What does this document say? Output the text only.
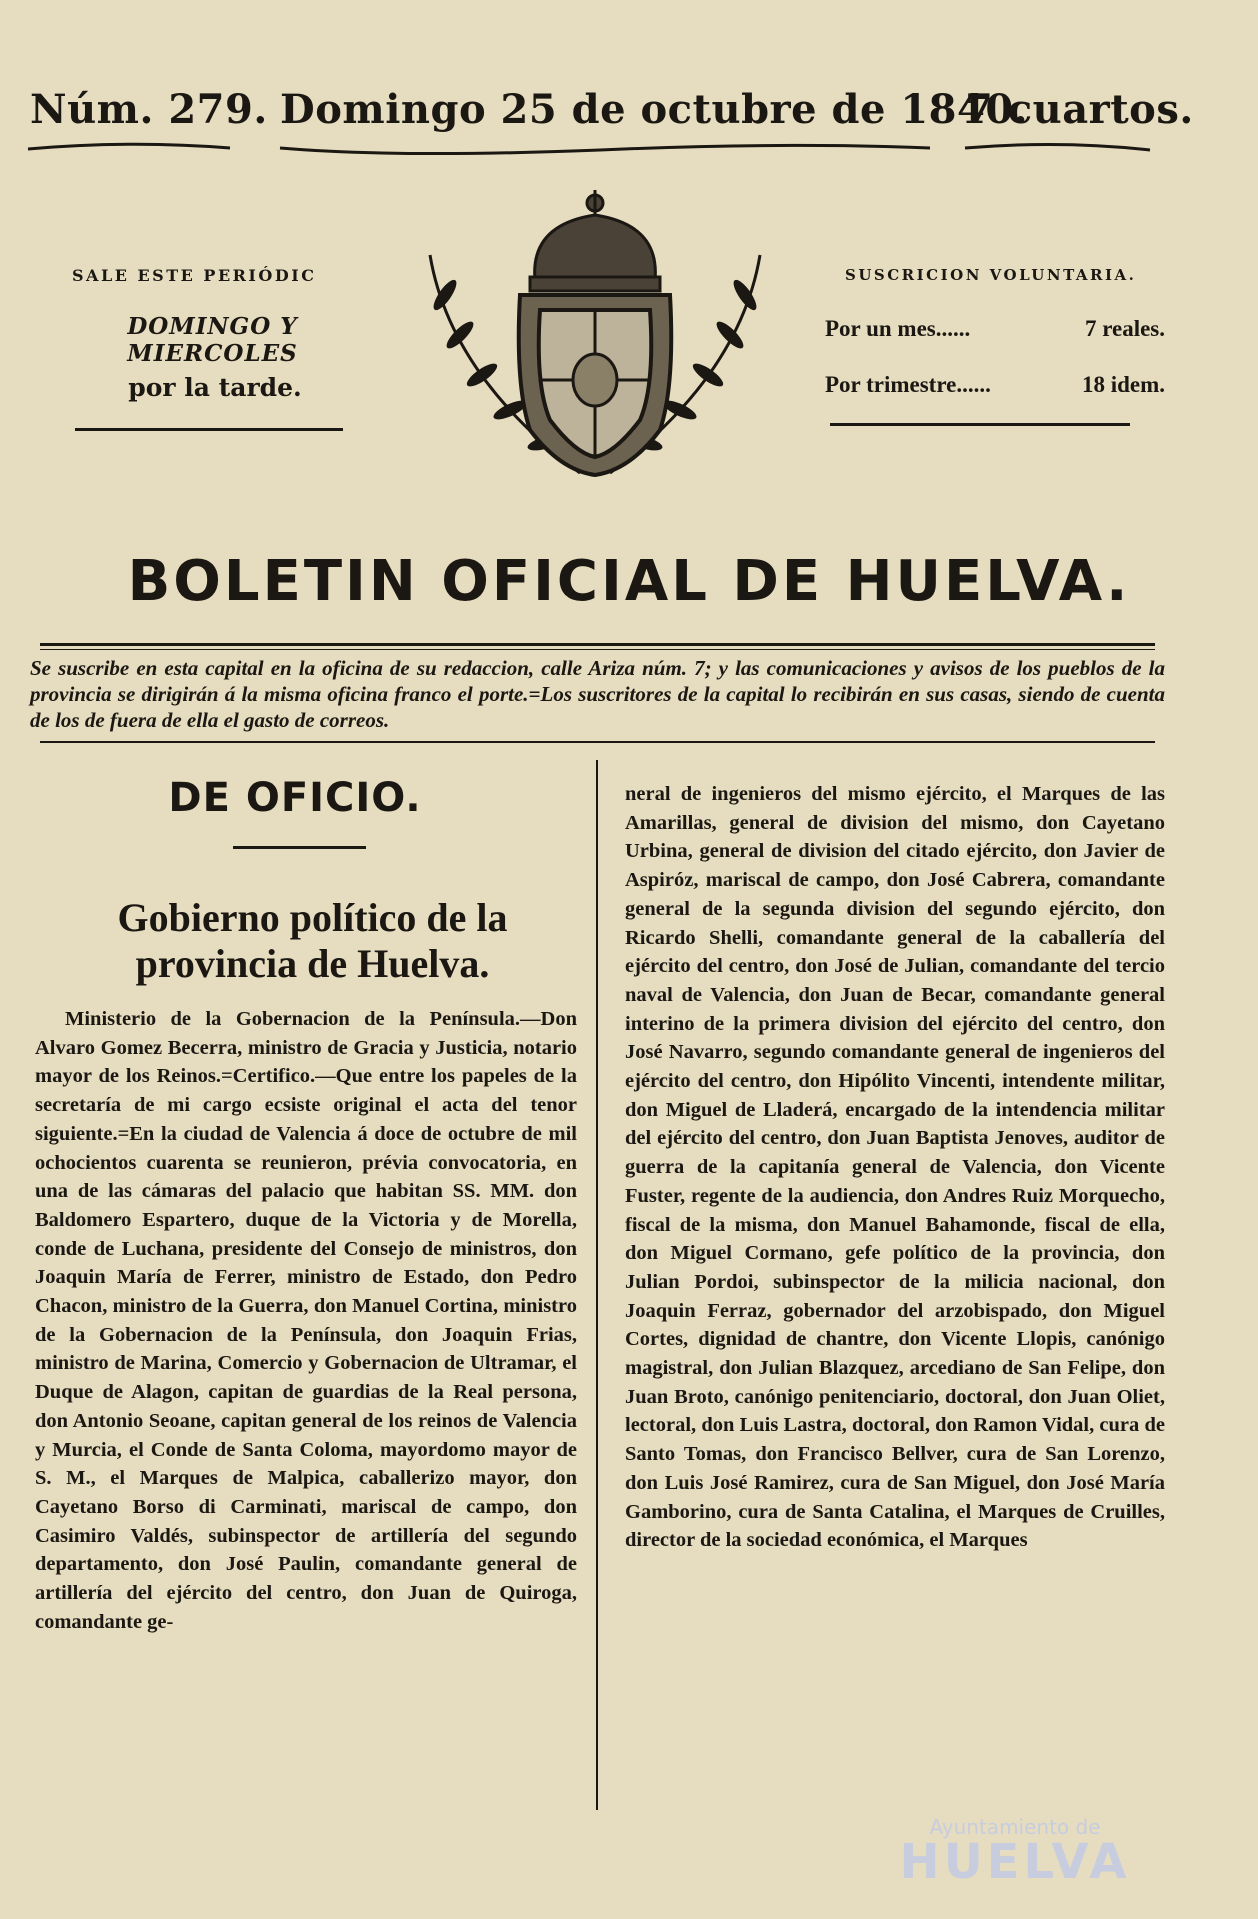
Núm. 279. Domingo 25 de octubre de 1840.
7 cuartos.
SALE ESTE PERIÓDIC
DOMINGO Y MIERCOLES
por la tarde.
SUSCRICION VOLUNTARIA.
Por un mes......	7 reales.
Por trimestre......	18 idem.
BOLETIN OFICIAL DE HUELVA.
Se suscribe en esta capital en la oficina de su redaccion, calle Ariza núm. 7; y las comunicaciones y avisos de los pueblos de la provincia se dirigirán á la misma oficina franco el porte.=Los suscritores de la capital lo recibirán en sus casas, siendo de cuenta de los de fuera de ella el gasto de correos.
DE OFICIO.
Gobierno político de la provincia de Huelva.
Ministerio de la Gobernacion de la Península.—Don Alvaro Gomez Becerra, ministro de Gracia y Justicia, notario mayor de los Reinos.=Certifico.—Que entre los papeles de la secretaría de mi cargo ecsiste original el acta del tenor siguiente.=En la ciudad de Valencia á doce de octubre de mil ochocientos cuarenta se reunieron, prévia convocatoria, en una de las cámaras del palacio que habitan SS. MM. don Baldomero Espartero, duque de la Victoria y de Morella, conde de Luchana, presidente del Consejo de ministros, don Joaquin María de Ferrer, ministro de Estado, don Pedro Chacon, ministro de la Guerra, don Manuel Cortina, ministro de la Gobernacion de la Península, don Joaquin Frias, ministro de Marina, Comercio y Gobernacion de Ultramar, el Duque de Alagon, capitan de guardias de la Real persona, don Antonio Seoane, capitan general de los reinos de Valencia y Murcia, el Conde de Santa Coloma, mayordomo mayor de S. M., el Marques de Malpica, caballerizo mayor, don Cayetano Borso di Carminati, mariscal de campo, don Casimiro Valdés, subinspector de artillería del segundo departamento, don José Paulin, comandante general de artillería del ejército del centro, don Juan de Quiroga, comandante ge-
neral de ingenieros del mismo ejército, el Marques de las Amarillas, general de division del mismo, don Cayetano Urbina, general de division del citado ejército, don Javier de Aspiróz, mariscal de campo, don José Cabrera, comandante general de la segunda division del segundo ejército, don Ricardo Shelli, comandante general de la caballería del ejército del centro, don José de Julian, comandante del tercio naval de Valencia, don Juan de Becar, comandante general interino de la primera division del ejército del centro, don José Navarro, segundo comandante general de ingenieros del ejército del centro, don Hipólito Vincenti, intendente militar, don Miguel de Lladerá, encargado de la intendencia militar del ejército del centro, don Juan Baptista Jenoves, auditor de guerra de la capitanía general de Valencia, don Vicente Fuster, regente de la audiencia, don Andres Ruiz Morquecho, fiscal de la misma, don Manuel Bahamonde, fiscal de ella, don Miguel Cormano, gefe político de la provincia, don Julian Pordoi, subinspector de la milicia nacional, don Joaquin Ferraz, gobernador del arzobispado, don Miguel Cortes, dignidad de chantre, don Vicente Llopis, canónigo magistral, don Julian Blazquez, arcediano de San Felipe, don Juan Broto, canónigo penitenciario, doctoral, don Juan Oliet, lectoral, don Luis Lastra, doctoral, don Ramon Vidal, cura de Santo Tomas, don Francisco Bellver, cura de San Lorenzo, don Luis José Ramirez, cura de San Miguel, don José María Gamborino, cura de Santa Catalina, el Marques de Cruilles, director de la sociedad económica, el Marques
Ayuntamiento de
HUELVA
